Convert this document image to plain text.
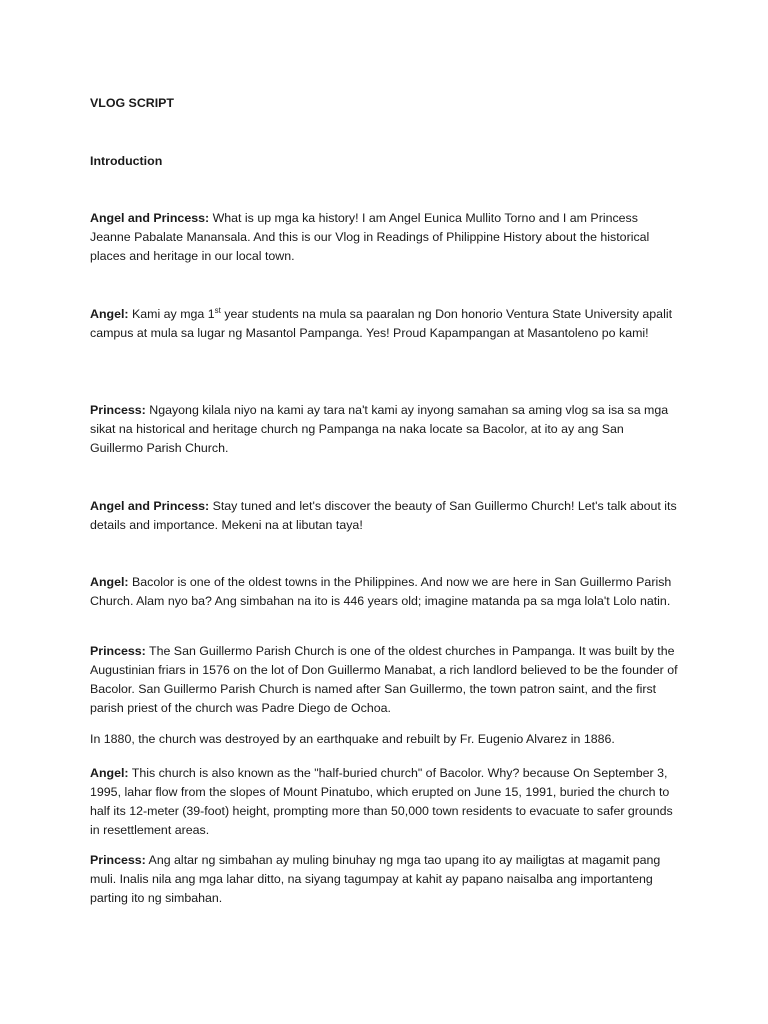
VLOG SCRIPT

Introduction

Angel and Princess: What is up mga ka history! I am Angel Eunica Mullito Torno and I am Princess Jeanne Pabalate Manansala. And this is our Vlog in Readings of Philippine History about the historical places and heritage in our local town.

Angel: Kami ay mga 1st year students na mula sa paaralan ng Don honorio Ventura State University apalit campus at mula sa lugar ng Masantol Pampanga. Yes! Proud Kapampangan at Masantoleno po kami!

Princess: Ngayong kilala niyo na kami ay tara na't kami ay inyong samahan sa aming vlog sa isa sa mga sikat na historical and heritage church ng Pampanga na naka locate sa Bacolor, at ito ay ang San Guillermo Parish Church.

Angel and Princess: Stay tuned and let's discover the beauty of San Guillermo Church! Let's talk about its details and importance. Mekeni na at libutan taya!

Angel: Bacolor is one of the oldest towns in the Philippines. And now we are here in San Guillermo Parish Church. Alam nyo ba? Ang simbahan na ito is 446 years old; imagine matanda pa sa mga lola't Lolo natin.

Princess: The San Guillermo Parish Church is one of the oldest churches in Pampanga. It was built by the Augustinian friars in 1576 on the lot of Don Guillermo Manabat, a rich landlord believed to be the founder of Bacolor. San Guillermo Parish Church is named after San Guillermo, the town patron saint, and the first parish priest of the church was Padre Diego de Ochoa.

In 1880, the church was destroyed by an earthquake and rebuilt by Fr. Eugenio Alvarez in 1886.

Angel: This church is also known as the "half-buried church" of Bacolor. Why? because On September 3, 1995, lahar flow from the slopes of Mount Pinatubo, which erupted on June 15, 1991, buried the church to half its 12-meter (39-foot) height, prompting more than 50,000 town residents to evacuate to safer grounds in resettlement areas.

Princess: Ang altar ng simbahan ay muling binuhay ng mga tao upang ito ay mailigtas at magamit pang muli. Inalis nila ang mga lahar ditto, na siyang tagumpay at kahit ay papano naisalba ang importanteng parting ito ng simbahan.
